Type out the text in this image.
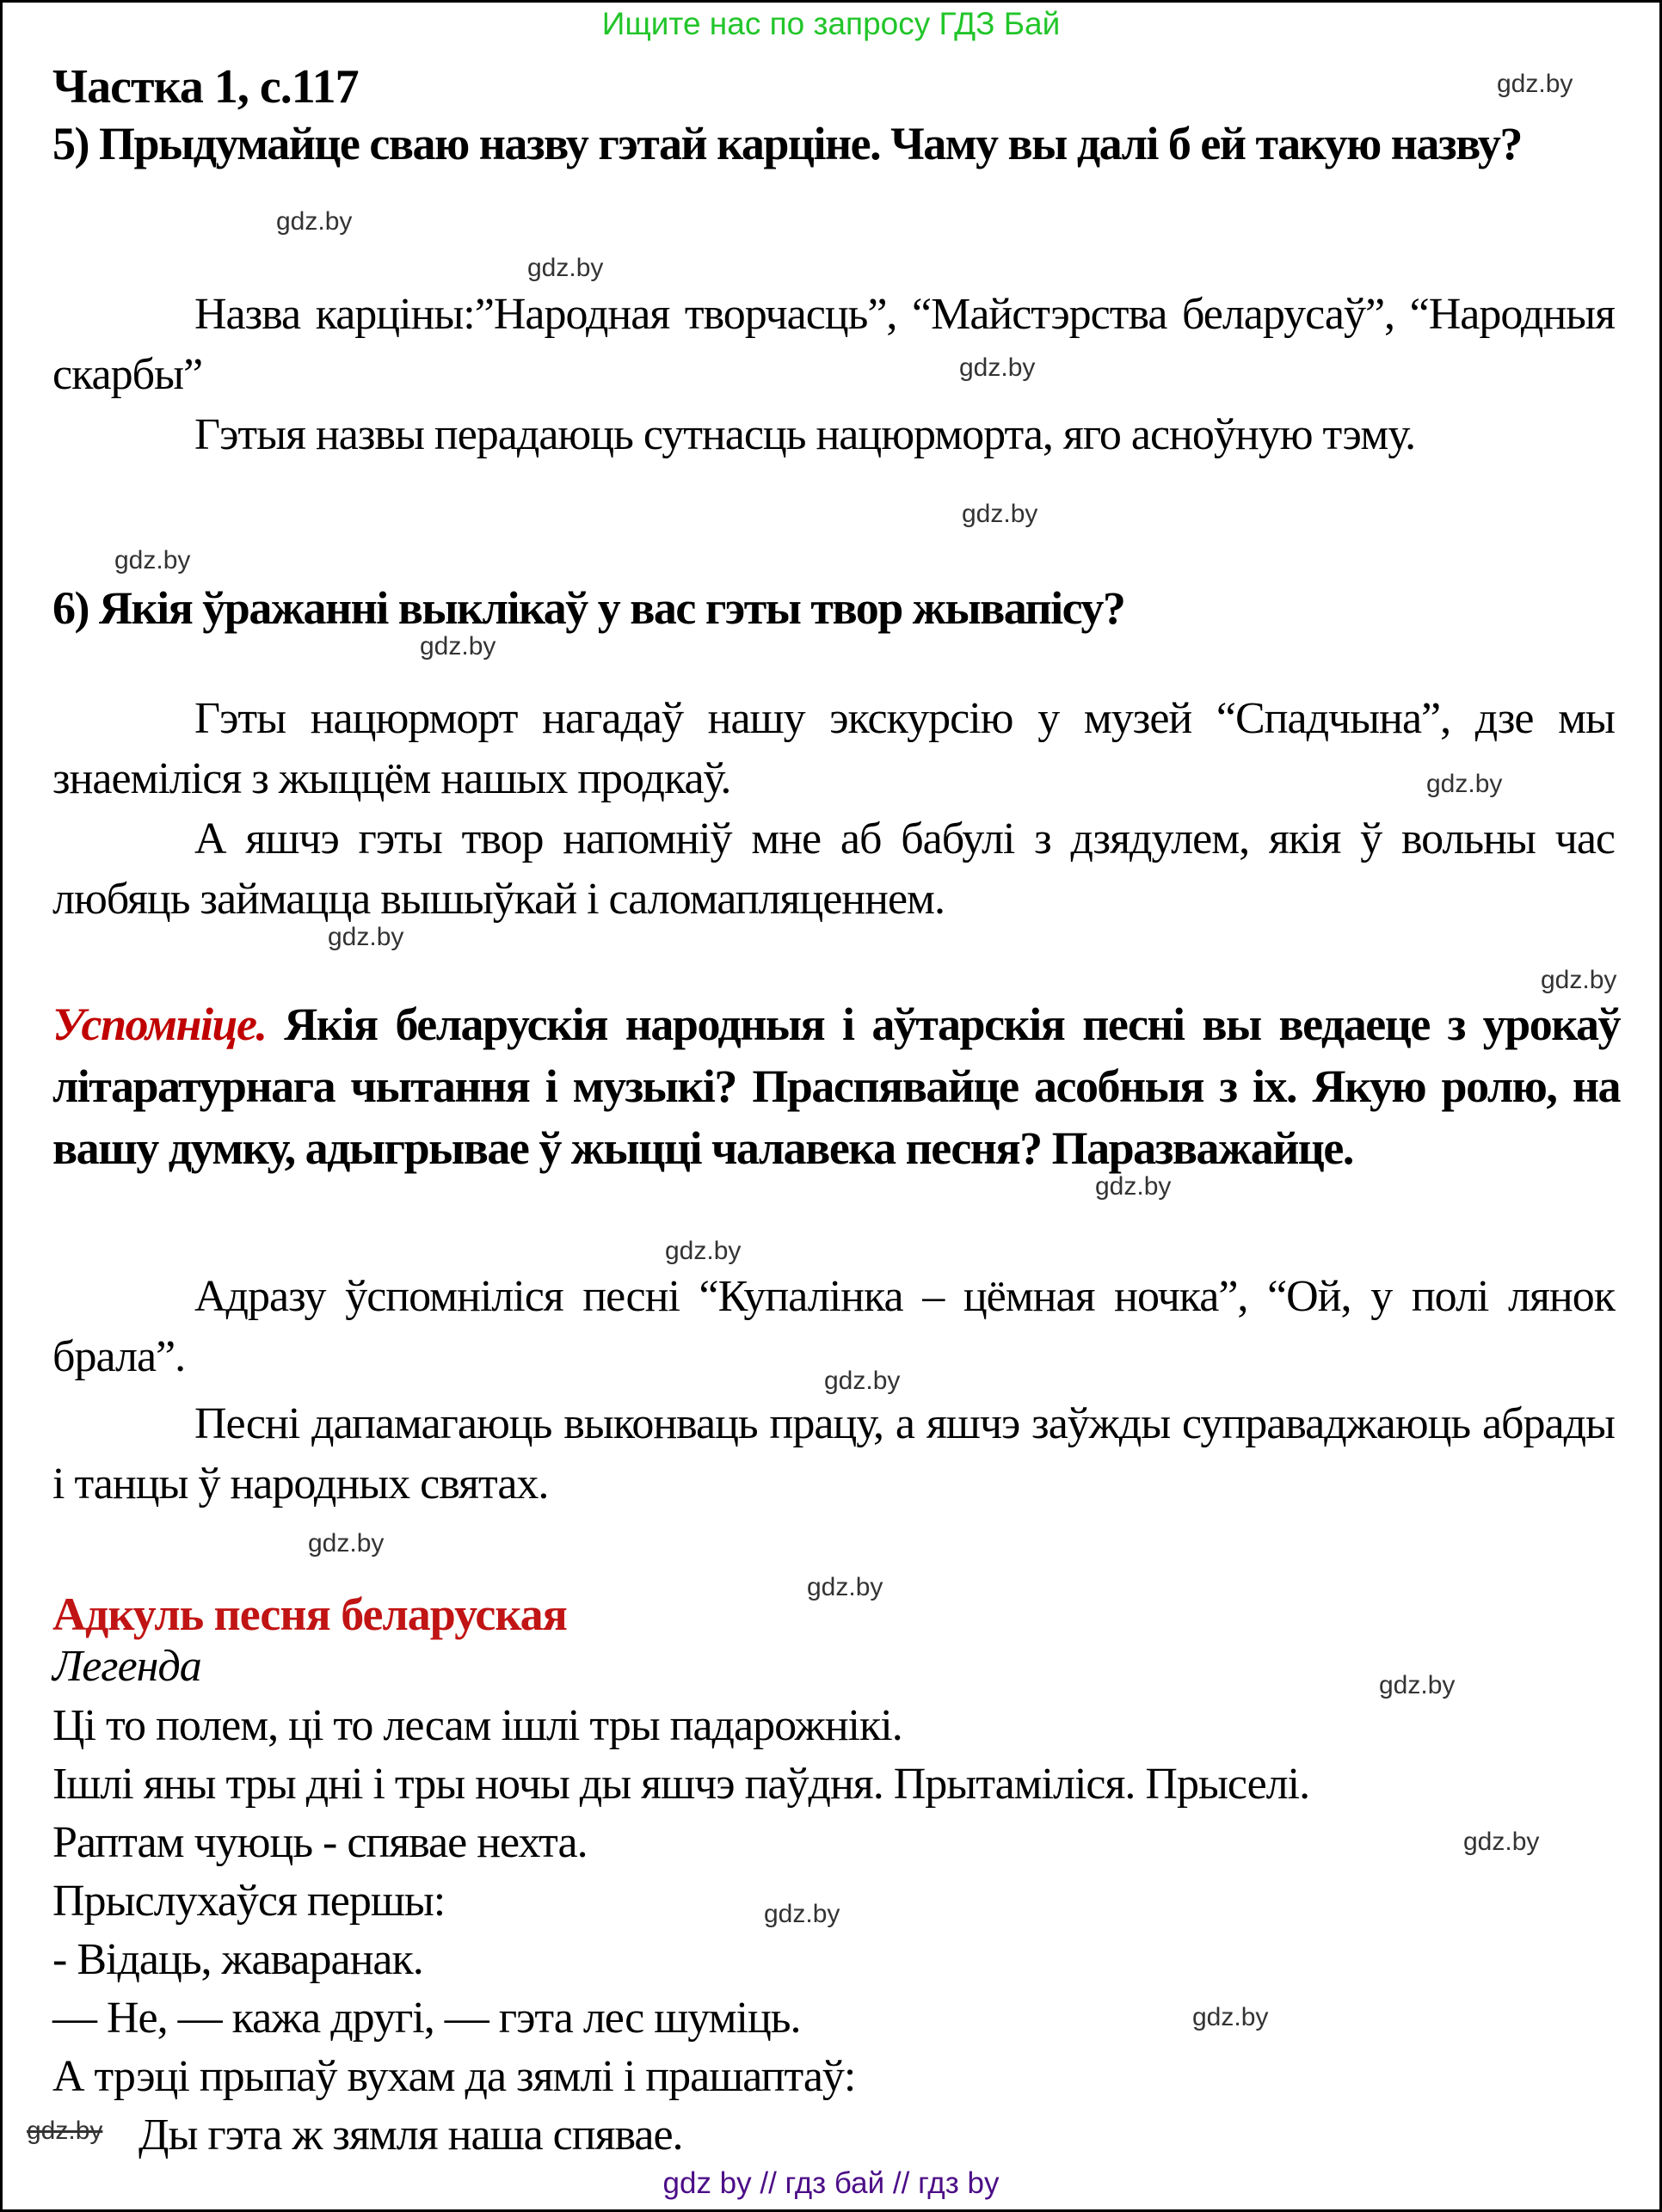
Ищите нас по запросу ГДЗ Бай
Частка 1, с.117
5) Прыдумайце сваю назву гэтай карціне. Чаму вы далі б ей такую назву?
Назва карціны:”Народная творчасць”, “Майстэрства беларусаў”, “Народныя скарбы”
Гэтыя назвы перадаюць сутнасць нацюрморта, яго асноўную тэму.
6) Якія ўражанні выклікаў у вас гэты твор жывапісу?
Гэты нацюрморт нагадаў нашу экскурсію у музей “Спадчына”, дзе мы знаеміліся з жыццём нашых продкаў.
А яшчэ гэты твор напомніў мне аб бабулі з дзядулем, якія ў вольны час любяць займацца вышыўкай і саломапляценнем.
Успомніце. Якія беларускія народныя і аўтарскія песні вы ведаеце з урокаў літаратурнага чытання і музыкі? Праспявайце асобныя з іх. Якую ролю, на вашу думку, адыгрывае ў жыцці чалавека песня? Паразважайце.
Адразу ўспомніліся песні “Купалінка – цёмная ночка”, “Ой, у полі лянок брала”.
Песні дапамагаюць выконваць працу, а яшчэ заўжды суправаджаюць абрады і танцы ў народных святах.
Адкуль песня беларуская
Легенда
Ці то полем, ці то лесам ішлі тры падарожнікі.
Ішлі яны тры дні і тры ночы ды яшчэ паўдня. Прытаміліся. Прыселі.
Раптам чуюць - спявае нехта.
Прыслухаўся першы:
- Відаць, жаваранак.
— Не, — кажа другі, — гэта лес шуміць.
А трэці прыпаў вухам да зямлі і прашаптаў:
Ды гэта ж зямля наша спявае.
gdz.by
gdz.by
gdz.by
gdz.by
gdz.by
gdz.by
gdz.by
gdz.by
gdz.by
gdz.by
gdz.by
gdz.by
gdz.by
gdz.by
gdz.by
gdz.by
gdz.by
gdz.by
gdz.by
gdz.by
gdz by // гдз бай // гдз by
